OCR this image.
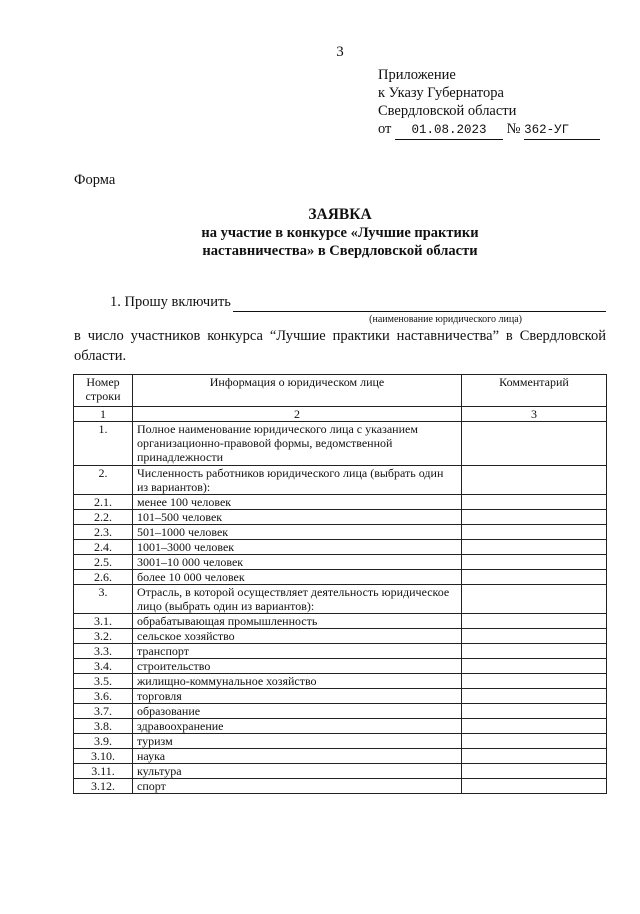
3
Приложение
к Указу Губернатора
Свердловской области
от 01.08.2023 № 362-УГ
Форма
ЗАЯВКА
на участие в конкурсе «Лучшие практики
наставничества» в Свердловской области
1. Прошу включить
(наименование юридического лица)
в число участников конкурса “Лучшие практики наставничества” в Свердловской области.
Номер строки	Информация о юридическом лице	Комментарий
1	2	3
1.	Полное наименование юридического лица с указанием организационно-правовой формы, ведомственной принадлежности	
2.	Численность работников юридического лица (выбрать один из вариантов):	
2.1.	менее 100 человек	
2.2.	101–500 человек	
2.3.	501–1000 человек	
2.4.	1001–3000 человек	
2.5.	3001–10 000 человек	
2.6.	более 10 000 человек	
3.	Отрасль, в которой осуществляет деятельность юридическое лицо (выбрать один из вариантов):	
3.1.	обрабатывающая промышленность	
3.2.	сельское хозяйство	
3.3.	транспорт	
3.4.	строительство	
3.5.	жилищно-коммунальное хозяйство	
3.6.	торговля	
3.7.	образование	
3.8.	здравоохранение	
3.9.	туризм	
3.10.	наука	
3.11.	культура	
3.12.	спорт	
